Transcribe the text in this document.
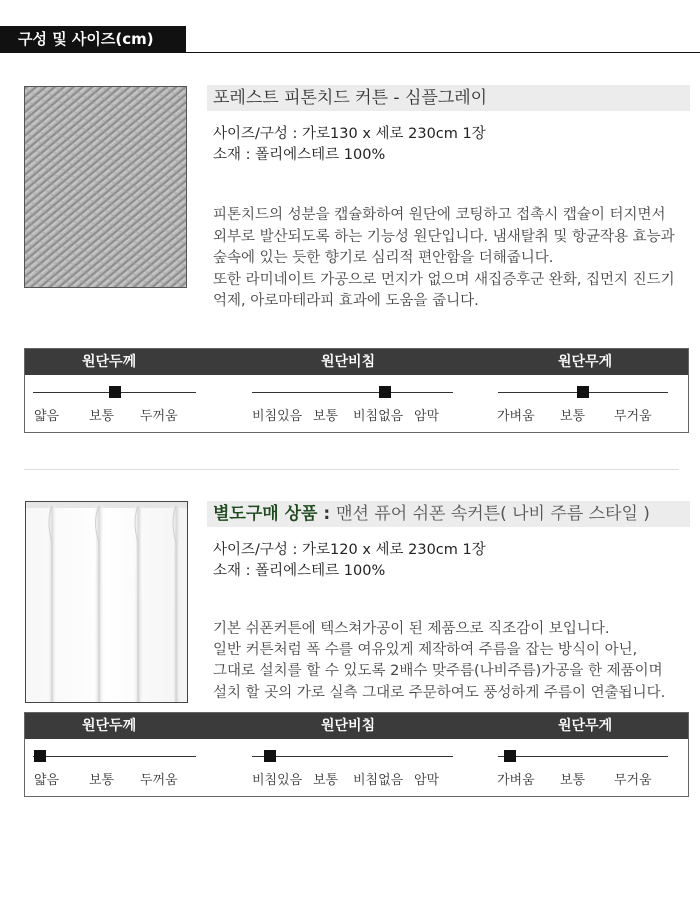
구성 및 사이즈(cm)
포레스트 피톤치드 커튼 - 심플그레이
사이즈/구성 : 가로130 x 세로 230cm 1장
소재 : 폴리에스테르 100%
피톤치드의 성분을 캡슐화하여 원단에 코팅하고 접촉시 캡슐이 터지면서
외부로 발산되도록 하는 기능성 원단입니다. 냄새탈취 및 항균작용 효능과
숲속에 있는 듯한 향기로 심리적 편안함을 더해줍니다.
또한 라미네이트 가공으로 먼지가 없으며 새집증후군 완화, 집먼지 진드기
억제, 아로마테라피 효과에 도움을 줍니다.
원단두께	원단비침	원단무게
얇음 보통 두꺼움	비침있음 보통 비침없음 암막	가벼움 보통 무거움
별도구매 상품 : 맨션 퓨어 쉬폰 속커튼( 나비 주름 스타일 )
사이즈/구성 : 가로120 x 세로 230cm 1장
소재 : 폴리에스테르 100%
기본 쉬폰커튼에 텍스쳐가공이 된 제품으로 직조감이 보입니다.
일반 커튼처럼 폭 수를 여유있게 제작하여 주름을 잡는 방식이 아닌,
그대로 설치를 할 수 있도록 2배수 맞주름(나비주름)가공을 한 제품이며
설치 할 곳의 가로 실측 그대로 주문하여도 풍성하게 주름이 연출됩니다.
원단두께	원단비침	원단무게
얇음 보통 두꺼움	비침있음 보통 비침없음 암막	가벼움 보통 무거움
